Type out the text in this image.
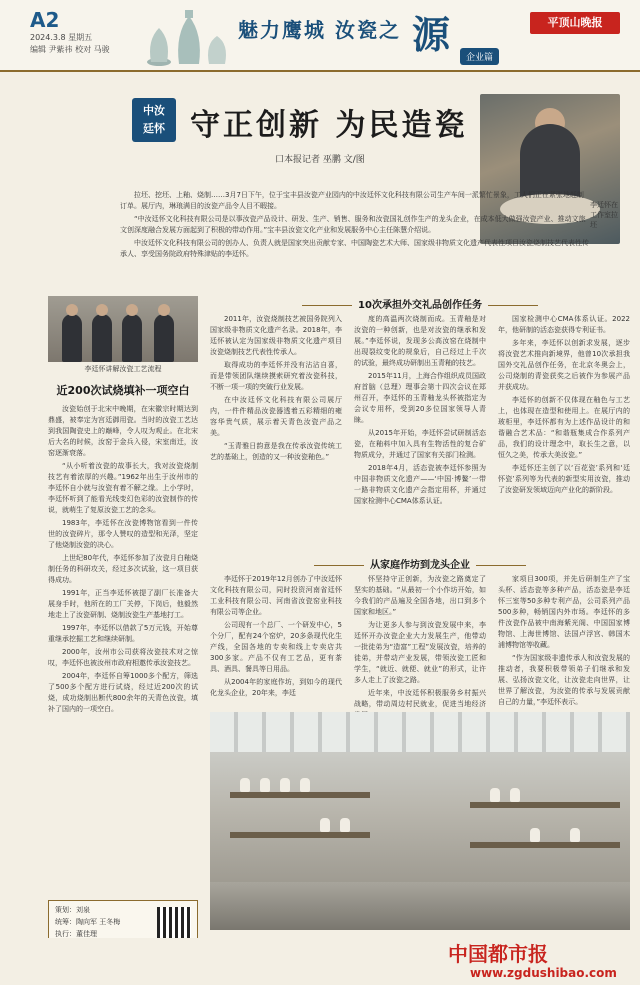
A2
2024.3.8 星期五
编辑 尹紫祎 校对 马骏
魅力鹰城 汝瓷之 源
企业篇
平顶山晚报
中汝
廷怀 守正创新 为民造瓷
口本报记者 巫鹏 文/图
李廷怀在工作室拉坯

拉坯、挖坯、上釉、烧制……3月7日下午，位于宝丰县汝瓷产业园内的中汝廷怀文化科技有限公司生产车间一派繁忙景象，工人们正在紧张地赶制订单。展厅内，琳琅满目的汝瓷产品令人目不暇接。

“中汝廷怀文化科技有限公司是以事汝瓷产品设计、研发、生产、销售、服务和汝瓷国礼创作生产的龙头企业，在成本低大做强汝瓷产业、推动文旅文创深度融合发展方面起到了积极的带动作用。”宝丰县汝瓷文化产业和发展服务中心主任陈慧介绍说。

中汝廷怀文化科技有限公司的创办人、负责人就是国家突出贡献专家、中国陶瓷艺术大师、国家级非物质文化遗产代表性项目汝瓷烧制技艺代表性传承人、享受国务院政府特殊津贴的李廷怀。

李廷怀讲解汝瓷工艺流程
近200次试烧填补一项空白

汝瓷始创于北宋中晚期，在宋徽宗时期达到鼎盛，被奉定为宫廷御用瓷。当时的汝瓷工艺达到我国陶瓷史上的巅峰，令人叹为观止。在北宋后大名的时候，汝窑于金兵入侵，宋室南迁，汝窑逐渐衰落。

“从小听着汝瓷的故事长大，我对汝瓷烧制技艺有着浓厚的兴趣。”1962年出生于汝州市的李廷怀自小就与汝瓷有着不解之缘。上小学时，李廷怀听到了能看光线变幻色彩的汝瓷制作的传说，就萌生了复原汝瓷工艺的念头。

1983年，李廷怀在汝瓷博物馆看到一件传世的汝瓷碎片，那令人赞叹的造型和光泽，坚定了他烧制汝瓷的决心。

上世纪80年代，李廷怀参加了汝瓷月白釉烧制任务的科研攻关，经过多次试验，这一项目获得成功。

1991年，正当李廷怀被提了副厂长准备大展身手时，他所在的工厂关停，下岗后，他毅然地走上了汝瓷研制、烧制汝瓷生产基地打工。

1997年，李廷怀以借款了5万元钱，开始尊重继承挖掘工艺和继续研制。

2000年，汝州市公司获将汝瓷技术对之惊叹，李廷怀也被汝州市政府相邀传承汝瓷技艺。

2004年，李廷怀自筹1000多个配方，筛选了500多个配方进行试烧，经过近200次的试烧，成功烧制出断代800余年的天青色汝瓷，填补了国内的一项空白。

策划：刘泉
统筹：陶向军 王冬梅
执行：董佳理
10次承担外交礼品创作任务

2011年，汝瓷烧制技艺被国务院列入国家级非物质文化遗产名录。2018年，李廷怀被认定为国家级非物质文化遗产项目汝瓷烧制技艺代表性传承人。

取得成功的李廷怀并没有沾沾自喜，而是带领团队继续摸索研究着汝瓷科技，不断一项一项的突破行业发展。

在中汝廷怀文化科技有限公司展厅内，一件件精品汝瓷器透着五彩精细的雍容华贵气质，展示着天青色汝瓷产品之美。

“玉青雅日韵意是我在传承汝瓷传统工艺的基础上，创造的又一种汝瓷釉色。”

度的高温两次烧制而成。玉青釉是对汝瓷的一种创新，也是对汝瓷的继承和发展。”李廷怀说，发现多公高汝窑在烧制中出现裂纹变化的规象后，自己经过上千次的试验，最终成功研制出玉青釉的技艺。

2015年11月，上海合作组织成员国政府首脑（总理）理事会第十四次会议在郑州召开，李廷怀的玉青釉龙头杯被指定为会议专用杯，受到20多位国家领导人青睐。

从2015年开始，李廷怀尝试研制活态瓷，在釉料中加入具有生物活性的复合矿物质成分，并通过了国家有关部门检测。

2018年4月，活态瓷被李廷怀参照为中国非物质文化遗产——‘中国·博鳌’一带一路非物质文化遗产会指定用杯，并通过国家检测中心CMA体系认证。

国家检测中心CMA体系认证。2022年，他研制的活态瓷获得专利证书。

多年来，李廷怀以创新求发展，逐步将汝瓷艺术推向新境界，他曾10次承担我国外交礼品创作任务，在北京冬奥会上，公司烧制的青瓷获奖之后被作为参展产品并获成功。

李廷怀的创新不仅体现在釉色与工艺上，也体现在造型和使用上。在展厅内的玻柜里，李廷怀都有为上述作品设计的和谐融合艺术品：“和谐瓶集成合作系列产品，我们的设计理念中，取长生之意，以恒久之美，传承大美汝瓷。”

李廷怀还主创了以‘百花瓷’系列和‘廷怀瓷’系列等为代表的新型实用汝瓷，推动了汝瓷研发领域迈向产业化的新阶段。

从家庭作坊到龙头企业

李廷怀于2019年12月创办了中汝廷怀文化科技有限公司，同时投资河南省廷怀工业科技有限公司、河南省汝瓷窑业科技有限公司等企业。

公司现有一个总厂、一个研发中心，5个分厂，配有24个窑炉，20多条现代化生产线，全国各地的专卖和线上专卖店共300多家。产品不仅有工艺品，更有茶具、酒具、餐具等日用品。

从2004年的家庭作坊，到如今的现代化龙头企业，20年来，李廷

怀坚持守正创新，为汝瓷之路奠定了坚实的基础。“从最初一个小作坊开始，如今我们的产品遍及全国各地，出口到多个国家和地区。”

为让更多人参与到汝瓷发展中来，李廷怀开办汝瓷企业大力发展生产，他带动一批徒弟为“造富”工程”发展汝瓷，培养的徒弟，并带动产业发展，带领汝瓷工匠和学生，“就近、就便、就业”的形式，让许多人走上了汝瓷之路。

近年来，中汝廷怀积极服务乡村振兴战略，带动周边村民就业，促进当地经济

家项目300项，并先后研制生产了宝头杯、活态瓷等多种产品，活态瓷是李廷怀三室等50多种专利产品，公司系列产品500多种，畅销国内外市场。李廷怀的多件汝瓷作品被中南海紫光阁、中国国家博物馆、上海世博馆、法国卢浮宫、韩国木浦博物馆等收藏。

“作为国家级非遗传承人和汝瓷发展的推动者，我要积极带领弟子们继承和发展、弘扬汝瓷文化，让汝瓷走向世界，让世界了解汝瓷，为汝瓷的传承与发展贡献自己的力量，”李廷怀表示。

中国都市报
www.zgdushibao.com
